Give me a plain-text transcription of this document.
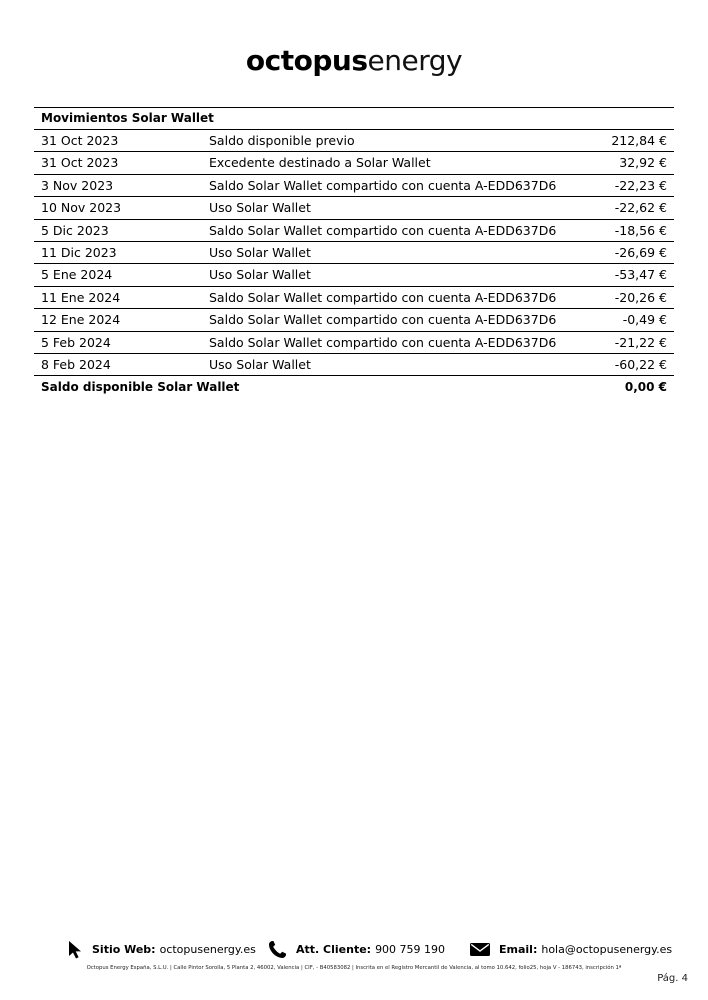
octopusenergy
Movimientos Solar Wallet
31 Oct 2023	Saldo disponible previo	212,84 €
31 Oct 2023	Excedente destinado a Solar Wallet	32,92 €
3 Nov 2023	Saldo Solar Wallet compartido con cuenta A-EDD637D6	-22,23 €
10 Nov 2023	Uso Solar Wallet	-22,62 €
5 Dic 2023	Saldo Solar Wallet compartido con cuenta A-EDD637D6	-18,56 €
11 Dic 2023	Uso Solar Wallet	-26,69 €
5 Ene 2024	Uso Solar Wallet	-53,47 €
11 Ene 2024	Saldo Solar Wallet compartido con cuenta A-EDD637D6	-20,26 €
12 Ene 2024	Saldo Solar Wallet compartido con cuenta A-EDD637D6	-0,49 €
5 Feb 2024	Saldo Solar Wallet compartido con cuenta A-EDD637D6	-21,22 €
8 Feb 2024	Uso Solar Wallet	-60,22 €
Saldo disponible Solar Wallet	0,00 €
Sitio Web: octopusenergy.es	Att. Cliente: 900 759 190	Email: hola@octopusenergy.es
Octopus Energy España, S.L.U. | Calle Pintor Sorolla, 5 Planta 2, 46002, Valencia | CIF, - B40583082 | Inscrita en el Registro Mercantil de Valencia, al tomo 10.642, folio25, hoja V - 186743, inscripción 1ª
Pág. 4
